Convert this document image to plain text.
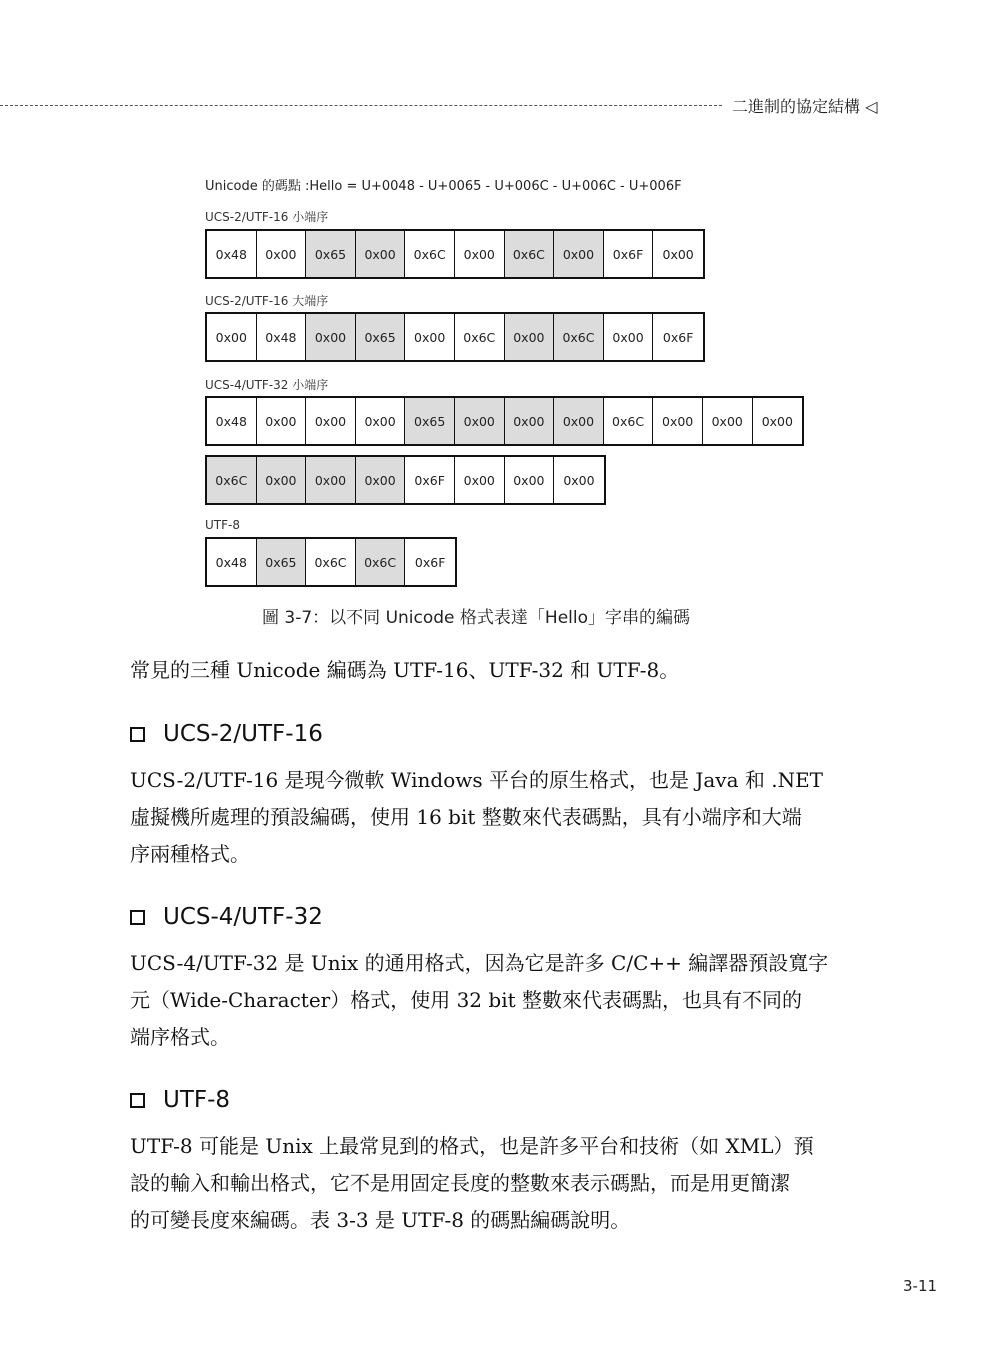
二進制的協定結構 ◁
Unicode 的碼點 :Hello = U+0048 - U+0065 - U+006C - U+006C - U+006F
UCS-2/UTF-16 小端序
0x48	0x00	0x65	0x00	0x6C	0x00	0x6C	0x00	0x6F	0x00
UCS-2/UTF-16 大端序
0x00	0x48	0x00	0x65	0x00	0x6C	0x00	0x6C	0x00	0x6F
UCS-4/UTF-32 小端序
0x48	0x00	0x00	0x00	0x65	0x00	0x00	0x00	0x6C	0x00	0x00	0x00
0x6C	0x00	0x00	0x00	0x6F	0x00	0x00	0x00
UTF-8
0x48	0x65	0x6C	0x6C	0x6F
圖 3-7：以不同 Unicode 格式表達「Hello」字串的編碼

常見的三種 Unicode 編碼為 UTF-16、UTF-32 和 UTF-8。

UCS-2/UTF-16
UCS-2/UTF-16 是現今微軟 Windows 平台的原生格式，也是 Java 和 .NET
虛擬機所處理的預設編碼，使用 16 bit 整數來代表碼點，具有小端序和大端
序兩種格式。
UCS-4/UTF-32
UCS-4/UTF-32 是 Unix 的通用格式，因為它是許多 C/C++ 編譯器預設寬字
元（Wide-Character）格式，使用 32 bit 整數來代表碼點，也具有不同的
端序格式。
UTF-8
UTF-8 可能是 Unix 上最常見到的格式，也是許多平台和技術（如 XML）預
設的輸入和輸出格式，它不是用固定長度的整數來表示碼點，而是用更簡潔
的可變長度來編碼。表 3-3 是 UTF-8 的碼點編碼說明。
3-11
